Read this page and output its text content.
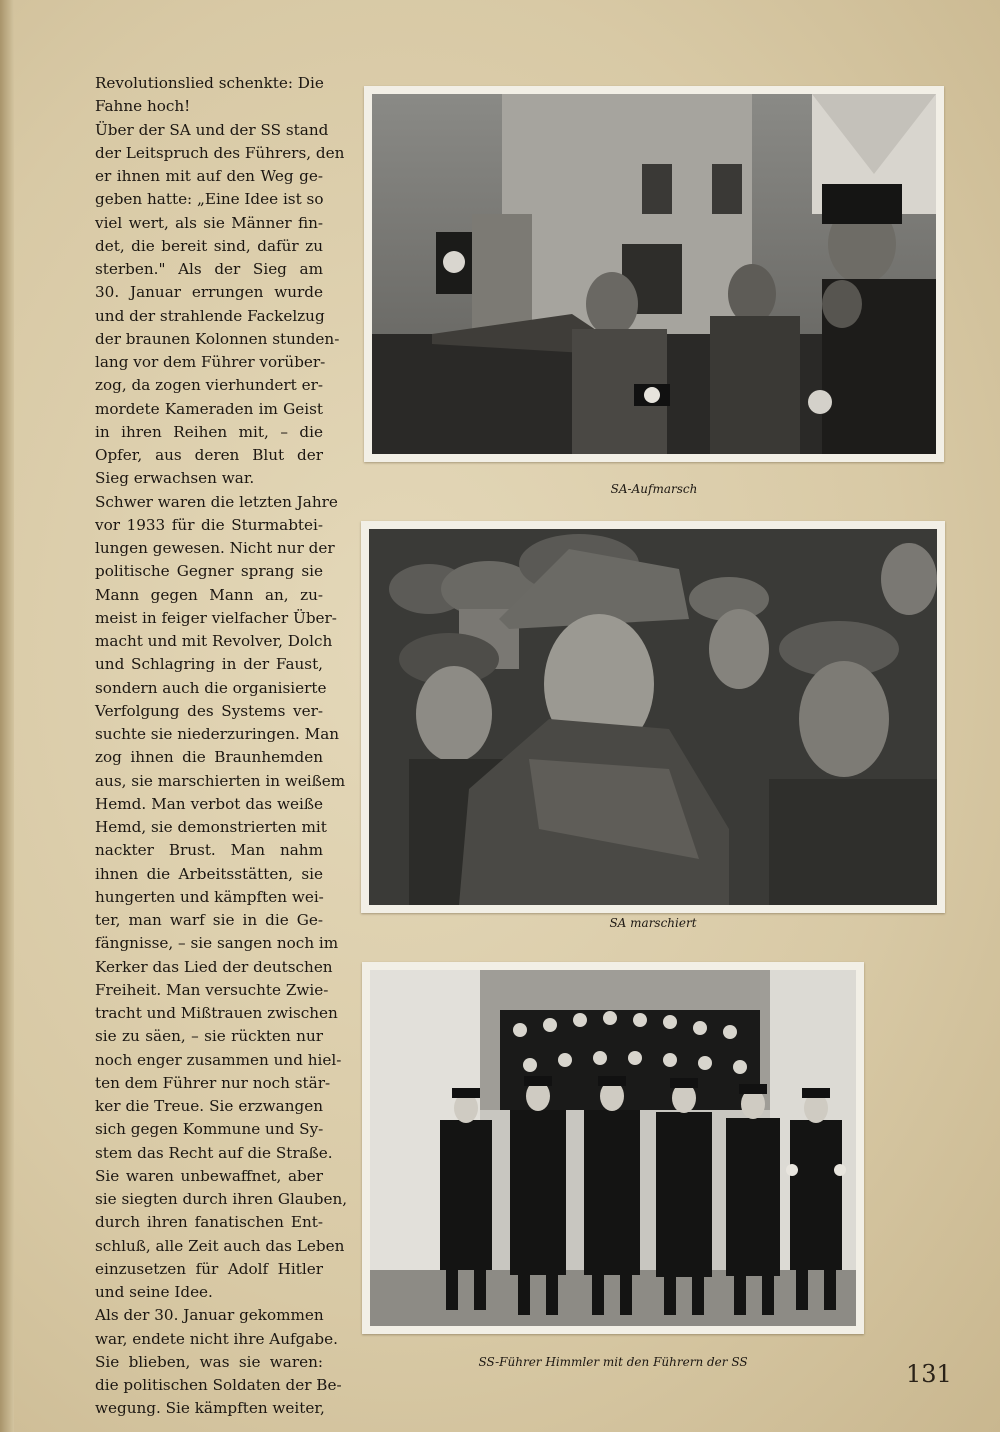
Revolutionslied schenkte: Die
Fahne hoch!
Über der SA und der SS stand
der Leitspruch des Führers, den
er ihnen mit auf den Weg ge-
geben hatte: „Eine Idee ist so
viel wert, als sie Männer fin-
det, die bereit sind, dafür zu
sterben." Als der Sieg am
30. Januar errungen wurde
und der strahlende Fackelzug
der braunen Kolonnen stunden-
lang vor dem Führer vorüber-
zog, da zogen vierhundert er-
mordete Kameraden im Geist
in ihren Reihen mit, – die
Opfer, aus deren Blut der
Sieg erwachsen war.
Schwer waren die letzten Jahre
vor 1933 für die Sturmabtei-
lungen gewesen. Nicht nur der
politische Gegner sprang sie
Mann gegen Mann an, zu-
meist in feiger vielfacher Über-
macht und mit Revolver, Dolch
und Schlagring in der Faust,
sondern auch die organisierte
Verfolgung des Systems ver-
suchte sie niederzuringen. Man
zog ihnen die Braunhemden
aus, sie marschierten in weißem
Hemd. Man verbot das weiße
Hemd, sie demonstrierten mit
nackter Brust. Man nahm
ihnen die Arbeitsstätten, sie
hungerten und kämpften wei-
ter, man warf sie in die Ge-
fängnisse, – sie sangen noch im
Kerker das Lied der deutschen
Freiheit. Man versuchte Zwie-
tracht und Mißtrauen zwischen
sie zu säen, – sie rückten nur
noch enger zusammen und hiel-
ten dem Führer nur noch stär-
ker die Treue. Sie erzwangen
sich gegen Kommune und Sy-
stem das Recht auf die Straße.
Sie waren unbewaffnet, aber
sie siegten durch ihren Glauben,
durch ihren fanatischen Ent-
schluß, alle Zeit auch das Leben
einzusetzen für Adolf Hitler
und seine Idee.
Als der 30. Januar gekommen
war, endete nicht ihre Aufgabe.
Sie blieben, was sie waren:
die politischen Soldaten der Be-
wegung. Sie kämpften weiter,
SA-Aufmarsch
SA marschiert
SS-Führer Himmler mit den Führern der SS	131
